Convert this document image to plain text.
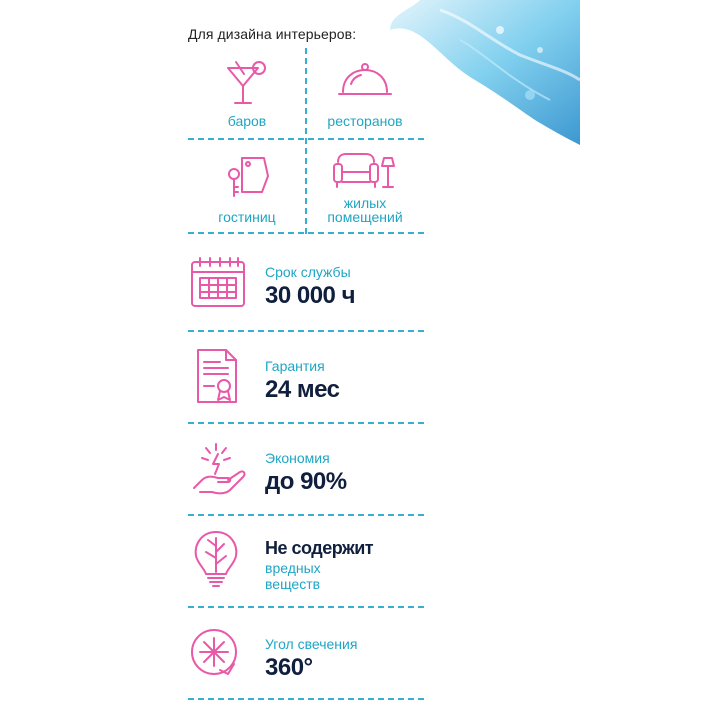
Для дизайна интерьеров:
баров	ресторанов
гостиниц
жилых
помещений
Срок службы
30 000 ч
Гарантия
24 мес
Экономия
до 90%
Не содержит
вредных
веществ
Угол свечения
360°
